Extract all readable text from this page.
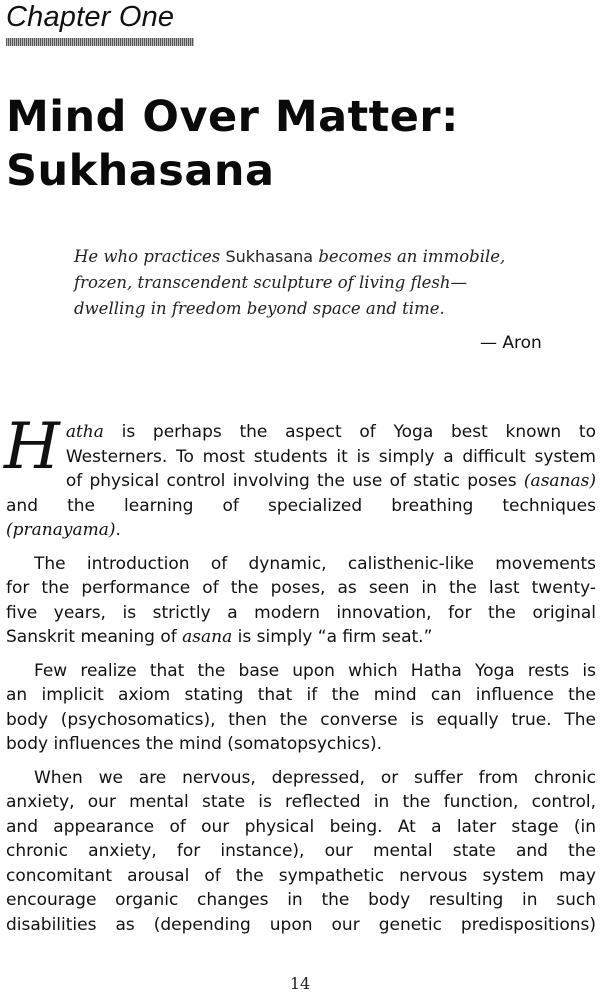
Chapter One
Mind Over Matter:
Sukhasana
He who practices Sukhasana becomes an immobile,
frozen, transcendent sculpture of living flesh—
dwelling in freedom beyond space and time.
— Aron
H atha is perhaps the aspect of Yoga best known to
Westerners. To most students it is simply a difficult system
of physical control involving the use of static poses (asanas)
and the learning of specialized breathing techniques
(pranayama).
The introduction of dynamic, calisthenic-like movements
for the performance of the poses, as seen in the last twenty-
five years, is strictly a modern innovation, for the original
Sanskrit meaning of asana is simply “a firm seat.”
Few realize that the base upon which Hatha Yoga rests is
an implicit axiom stating that if the mind can influence the
body (psychosomatics), then the converse is equally true. The
body influences the mind (somatopsychics).
When we are nervous, depressed, or suffer from chronic
anxiety, our mental state is reflected in the function, control,
and appearance of our physical being. At a later stage (in
chronic anxiety, for instance), our mental state and the
concomitant arousal of the sympathetic nervous system may
encourage organic changes in the body resulting in such
disabilities as (depending upon our genetic predispositions)
14
